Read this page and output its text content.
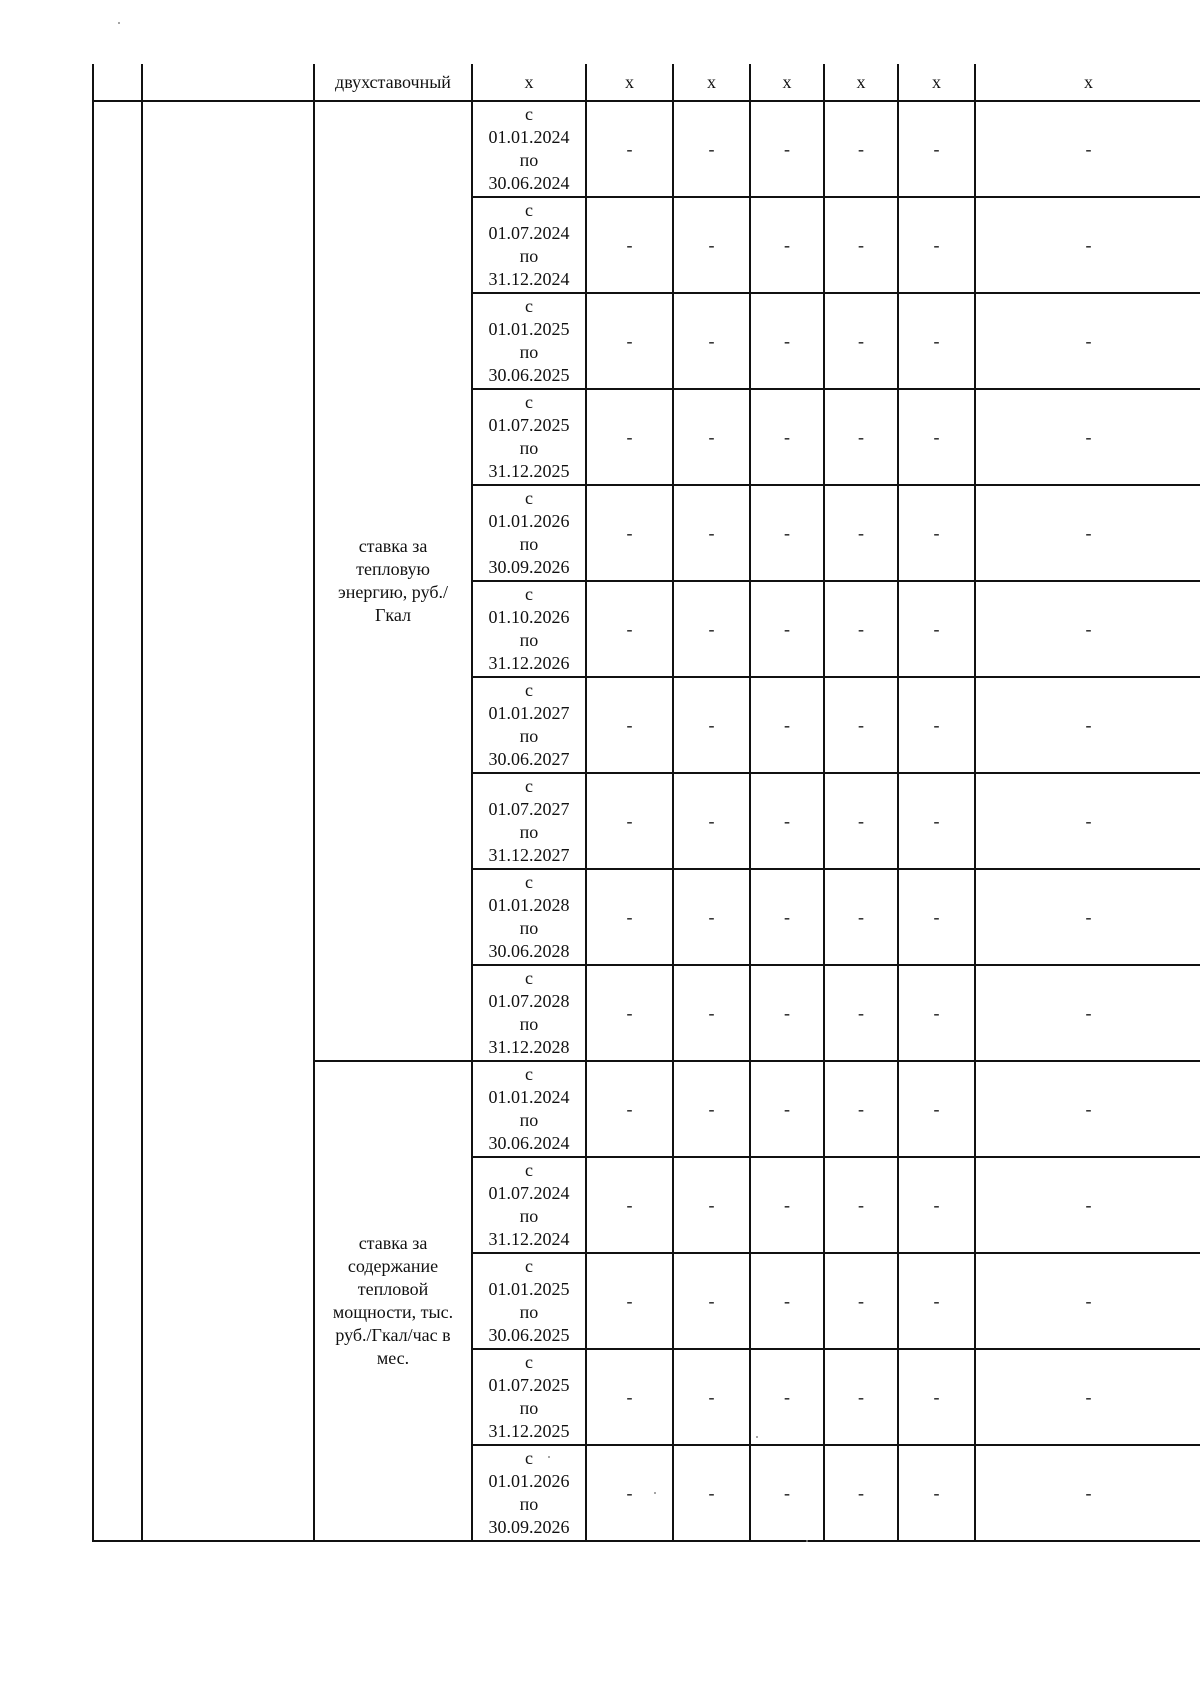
		двухставочный	х	х	х	х	х	х	х
		ставка за тепловую энергию, руб./Гкал	с
01.01.2024
по
30.06.2024	-	-	-	-	-	-

			с
01.07.2024
по
31.12.2024	-	-	-	-	-	-

			с
01.01.2025
по
30.06.2025	-	-	-	-	-	-

			с
01.07.2025
по
31.12.2025	-	-	-	-	-	-

			с
01.01.2026
по
30.09.2026	-	-	-	-	-	-

			с
01.10.2026
по
31.12.2026	-	-	-	-	-	-

			с
01.01.2027
по
30.06.2027	-	-	-	-	-	-

			с
01.07.2027
по
31.12.2027	-	-	-	-	-	-

			с
01.01.2028
по
30.06.2028	-	-	-	-	-	-

			с
01.07.2028
по
31.12.2028	-	-	-	-	-	-
		ставка за содержание тепловой мощности, тыс. руб./Гкал/час в мес.	с
01.01.2024
по
30.06.2024	-	-	-	-	-	-

			с
01.07.2024
по
31.12.2024	-	-	-	-	-	-

			с
01.01.2025
по
30.06.2025	-	-	-	-	-	-

			с
01.07.2025
по
31.12.2025	-	-	-	-	-	-

			с
01.01.2026
по
30.09.2026	-	-	-	-	-	-
